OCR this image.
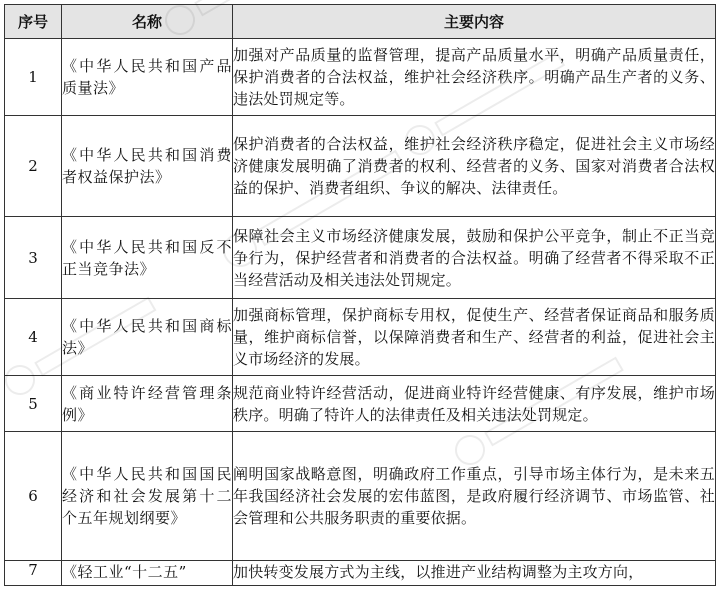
序号	名称	主要内容
1	《中华人民共和国产品质量法》	加强对产品质量的监督管理，提高产品质量水平，明确产品质量责任，保护消费者的合法权益，维护社会经济秩序。明确产品生产者的义务、违法处罚规定等。
2	《中华人民共和国消费者权益保护法》	保护消费者的合法权益，维护社会经济秩序稳定，促进社会主义市场经济健康发展明确了消费者的权利、经营者的义务、国家对消费者合法权益的保护、消费者组织、争议的解决、法律责任。
3	《中华人民共和国反不正当竞争法》	保障社会主义市场经济健康发展，鼓励和保护公平竞争，制止不正当竞争行为，保护经营者和消费者的合法权益。明确了经营者不得采取不正当经营活动及相关违法处罚规定。
4	《中华人民共和国商标法》	加强商标管理，保护商标专用权，促使生产、经营者保证商品和服务质量，维护商标信誉，以保障消费者和生产、经营者的利益，促进社会主义市场经济的发展。
5	《商业特许经营管理条例》	规范商业特许经营活动，促进商业特许经营健康、有序发展，维护市场秩序。明确了特许人的法律责任及相关违法处罚规定。
6	《中华人民共和国国民经济和社会发展第十二个五年规划纲要》	阐明国家战略意图，明确政府工作重点，引导市场主体行为，是未来五年我国经济社会发展的宏伟蓝图，是政府履行经济调节、市场监管、社会管理和公共服务职责的重要依据。
7	《轻工业“十二五”	加快转变发展方式为主线，以推进产业结构调整为主攻方向，
